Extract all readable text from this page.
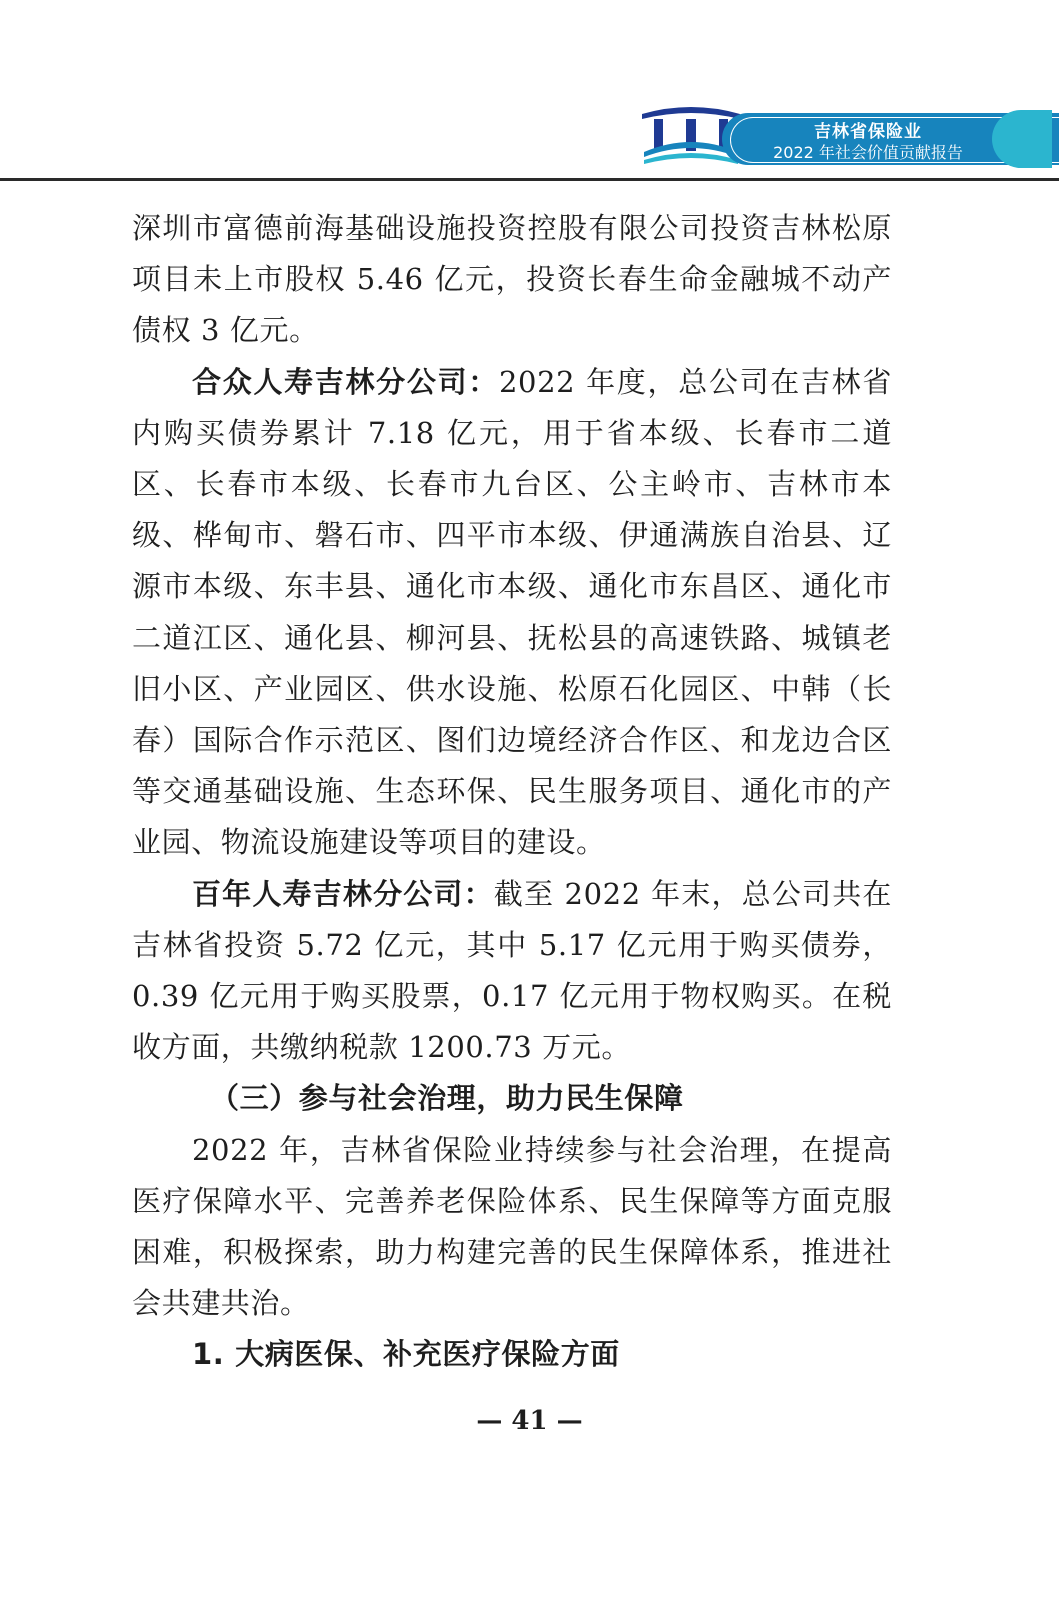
吉林省保险业
2022 年社会价值贡献报告

深圳市富德前海基础设施投资控股有限公司投资吉林松原项目未上市股权 5.46 亿元，投资长春生命金融城不动产债权 3 亿元。

合众人寿吉林分公司：2022 年度，总公司在吉林省内购买债券累计 7.18 亿元，用于省本级、长春市二道区、长春市本级、长春市九台区、公主岭市、吉林市本级、桦甸市、磐石市、四平市本级、伊通满族自治县、辽源市本级、东丰县、通化市本级、通化市东昌区、通化市二道江区、通化县、柳河县、抚松县的高速铁路、城镇老旧小区、产业园区、供水设施、松原石化园区、中韩（长春）国际合作示范区、图们边境经济合作区、和龙边合区等交通基础设施、生态环保、民生服务项目、通化市的产业园、物流设施建设等项目的建设。

百年人寿吉林分公司：截至 2022 年末，总公司共在吉林省投资 5.72 亿元，其中 5.17 亿元用于购买债券，0.39 亿元用于购买股票，0.17 亿元用于物权购买。在税收方面，共缴纳税款 1200.73 万元。

（三）参与社会治理，助力民生保障

2022 年，吉林省保险业持续参与社会治理，在提高医疗保障水平、完善养老保险体系、民生保障等方面克服困难，积极探索，助力构建完善的民生保障体系，推进社会共建共治。

1. 大病医保、补充医疗保险方面

— 41 —
